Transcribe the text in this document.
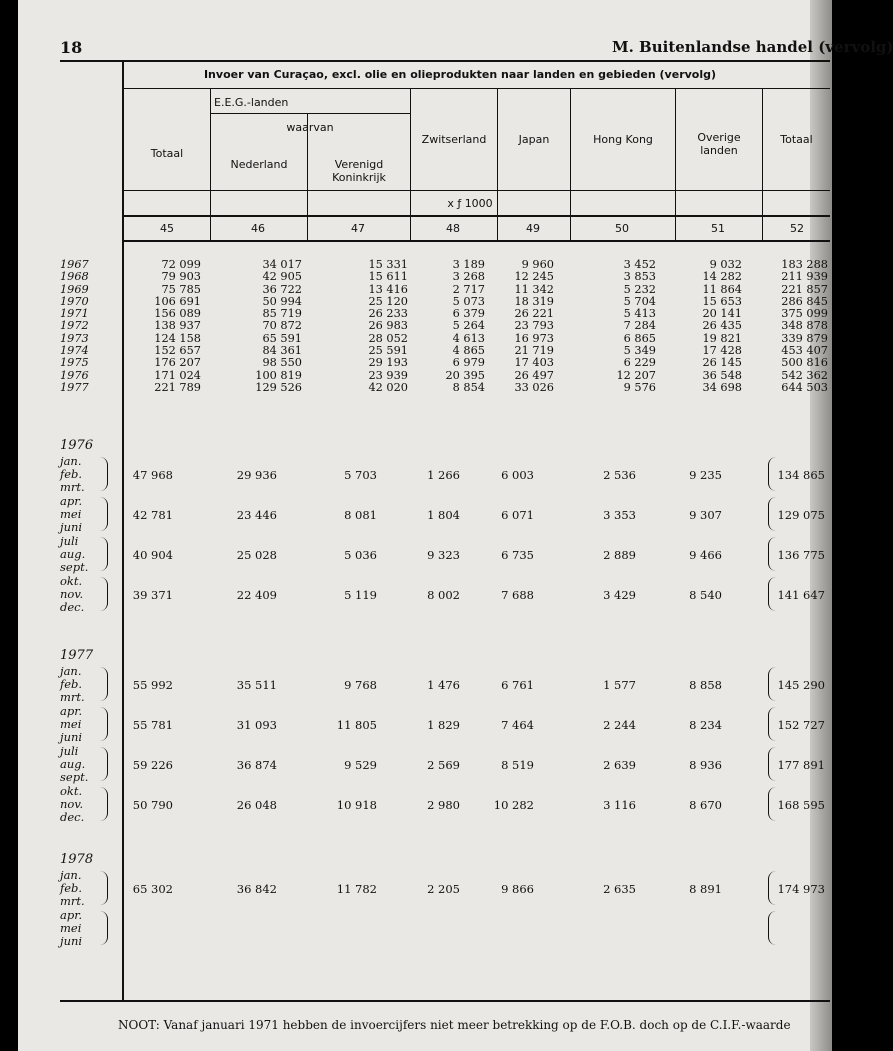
18	M. Buitenlandse handel (vervolg)
Invoer van Curaçao, excl. olie en olieprodukten naar landen en gebieden (vervolg)
E.E.G.-landen
waarvan
Totaal
Nederland	Verenigd
Koninkrijk
Zwitserland	Japan	Hong Kong	Overige
landen
Totaal
x ƒ 1000
45	46	47	48	49	50	51	52
1967	72 099	34 017	15 331	3 189	9 960	3 452	9 032	183 288
1968	79 903	42 905	15 611	3 268	12 245	3 853	14 282	211 939
1969	75 785	36 722	13 416	2 717	11 342	5 232	11 864	221 857
1970	106 691	50 994	25 120	5 073	18 319	5 704	15 653	286 845
1971	156 089	85 719	26 233	6 379	26 221	5 413	20 141	375 099
1972	138 937	70 872	26 983	5 264	23 793	7 284	26 435	348 878
1973	124 158	65 591	28 052	4 613	16 973	6 865	19 821	339 879
1974	152 657	84 361	25 591	4 865	21 719	5 349	17 428	453 407
1975	176 207	98 550	29 193	6 979	17 403	6 229	26 145	500 816
1976	171 024	100 819	23 939	20 395	26 497	12 207	36 548	542 362
1977	221 789	129 526	42 020	8 854	33 026	9 576	34 698	644 503
1976
jan.
feb.
mrt.
47 968	29 936	5 703	1 266	6 003	2 536	9 235	134 865
apr.
mei
juni
42 781	23 446	8 081	1 804	6 071	3 353	9 307	129 075
juli
aug.
sept.
40 904	25 028	5 036	9 323	6 735	2 889	9 466	136 775
okt.
nov.
dec.
39 371	22 409	5 119	8 002	7 688	3 429	8 540	141 647
1977
jan.
feb.
mrt.
55 992	35 511	9 768	1 476	6 761	1 577	8 858	145 290
apr.
mei
juni
55 781	31 093	11 805	1 829	7 464	2 244	8 234	152 727
juli
aug.
sept.
59 226	36 874	9 529	2 569	8 519	2 639	8 936	177 891
okt.
nov.
dec.
50 790	26 048	10 918	2 980	10 282	3 116	8 670	168 595
1978
jan.
feb.
mrt.
65 302	36 842	11 782	2 205	9 866	2 635	8 891	174 973
apr.
mei
juni
NOOT: Vanaf januari 1971 hebben de invoercijfers niet meer betrekking op de F.O.B. doch op de C.I.F.-waarde
